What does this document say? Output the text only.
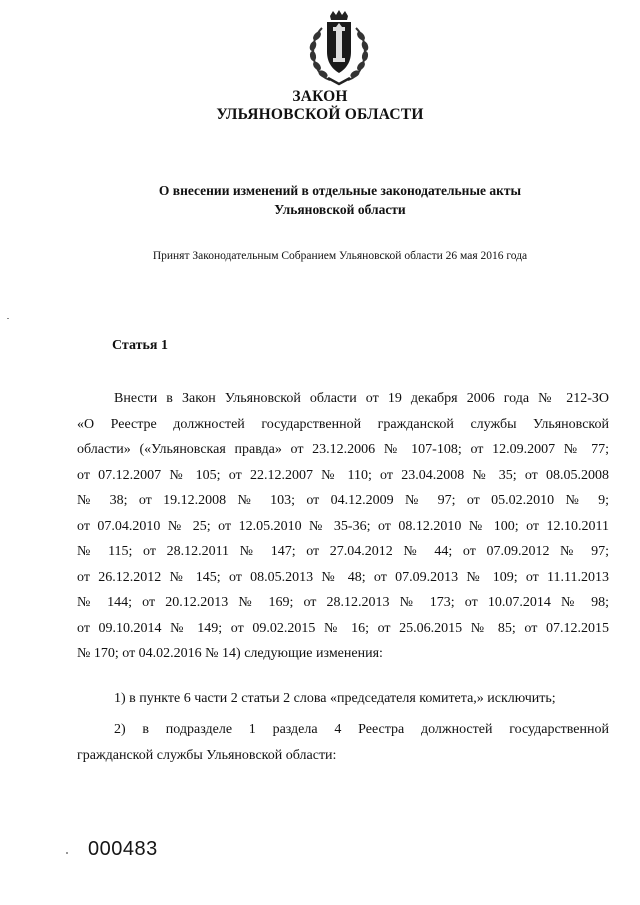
ЗАКОН
УЛЬЯНОВСКОЙ ОБЛАСТИ
О внесении изменений в отдельные законодательные акты
Ульяновской области
Принят Законодательным Собранием Ульяновской области 26 мая 2016 года
Статья 1
Внести в Закон Ульяновской области от 19 декабря 2006 года № 212-ЗО
«О Реестре должностей государственной гражданской службы Ульяновской
области» («Ульяновская правда» от 23.12.2006 № 107-108; от 12.09.2007 № 77;
от 07.12.2007 № 105; от 22.12.2007 № 110; от 23.04.2008 № 35; от 08.05.2008
№ 38; от 19.12.2008 № 103; от 04.12.2009 № 97; от 05.02.2010 № 9;
от 07.04.2010 № 25; от 12.05.2010 № 35-36; от 08.12.2010 № 100; от 12.10.2011
№ 115; от 28.12.2011 № 147; от 27.04.2012 № 44; от 07.09.2012 № 97;
от 26.12.2012 № 145; от 08.05.2013 № 48; от 07.09.2013 № 109; от 11.11.2013
№ 144; от 20.12.2013 № 169; от 28.12.2013 № 173; от 10.07.2014 № 98;
от 09.10.2014 № 149; от 09.02.2015 № 16; от 25.06.2015 № 85; от 07.12.2015
№ 170; от 04.02.2016 № 14) следующие изменения:
1) в пункте 6 части 2 статьи 2 слова «председателя комитета,» исключить;
2) в подразделе 1 раздела 4 Реестра должностей государственной
гражданской службы Ульяновской области:
000483
